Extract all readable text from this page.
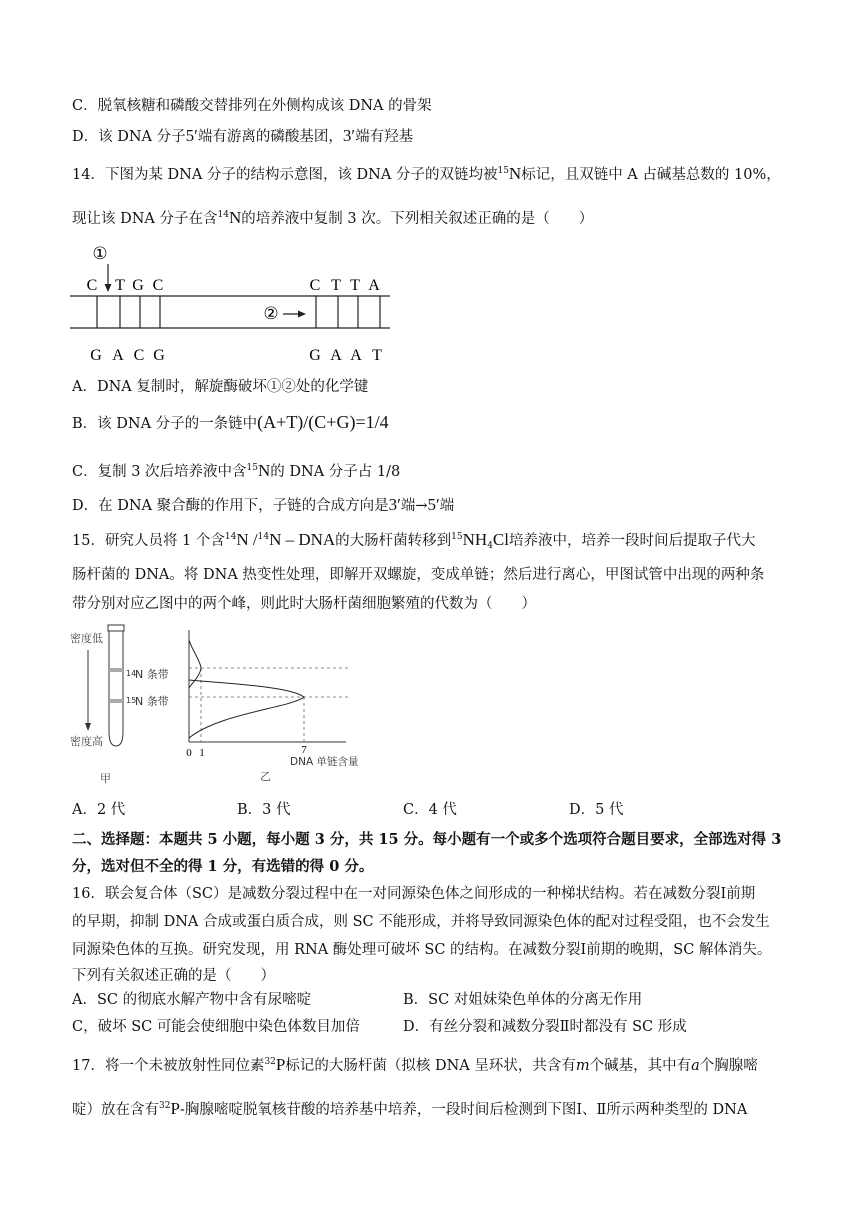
C．脱氧核糖和磷酸交替排列在外侧构成该 DNA 的骨架
D．该 DNA 分子5′端有游离的磷酸基团，3′端有羟基
14．下图为某 DNA 分子的结构示意图，该 DNA 分子的双链均被$^{15}$N标记，且双链中 A 占碱基总数的 10%，
现让该 DNA 分子在含$^{14}$N的培养液中复制 3 次。下列相关叙述正确的是（　　）
①
②
C T G C
G A C G
C T T A
G A A T
A．DNA 复制时，解旋酶破坏①②处的化学键
B．该 DNA 分子的一条链中(A+T)/(C+G)=1/4
C．复制 3 次后培养液中含$^{15}$N的 DNA 分子占 1/8
D．在 DNA 聚合酶的作用下，子链的合成方向是3′端→5′端
15．研究人员将 1 个含$^{14}$N /$^{14}$N – DNA的大肠杆菌转移到$^{15}NH_4Cl$培养液中，培养一段时间后提取子代大
肠杆菌的 DNA。将 DNA 热变性处理，即解开双螺旋，变成单链；然后进行离心，甲图试管中出现的两种条
带分别对应乙图中的两个峰，则此时大肠杆菌细胞繁殖的代数为（　　）
密度低
密度高
14
N 条带
15
N 条带
甲
0 1	7
DNA 单链含量
乙
A．2 代	B．3 代	C．4 代	D．5 代
二、选择题：本题共 5 小题，每小题 3 分，共 15 分。每小题有一个或多个选项符合题目要求，全部选对得 3
分，选对但不全的得 1 分，有选错的得 0 分。
16．联会复合体（SC）是减数分裂过程中在一对同源染色体之间形成的一种梯状结构。若在减数分裂Ⅰ前期
的早期，抑制 DNA 合成或蛋白质合成，则 SC 不能形成，并将导致同源染色体的配对过程受阻，也不会发生
同源染色体的互换。研究发现，用 RNA 酶处理可破坏 SC 的结构。在减数分裂Ⅰ前期的晚期，SC 解体消失。
下列有关叙述正确的是（　　）
A．SC 的彻底水解产物中含有尿嘧啶	B．SC 对姐妹染色单体的分离无作用
C，破坏 SC 可能会使细胞中染色体数目加倍	D．有丝分裂和减数分裂Ⅱ时都没有 SC 形成
17．将一个未被放射性同位素$^{32}$P标记的大肠杆菌（拟核 DNA 呈环状，共含有m个碱基，其中有a个胸腺嘧
啶）放在含有$^{32}$P-胸腺嘧啶脱氧核苷酸的培养基中培养，一段时间后检测到下图Ⅰ、Ⅱ所示两种类型的 DNA
